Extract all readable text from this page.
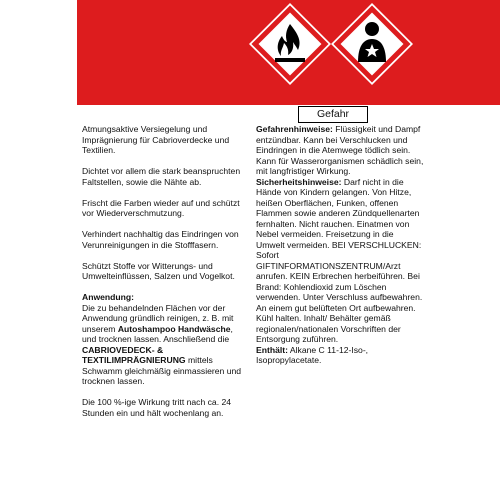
Gefahr

Atmungsaktive Versiegelung und Imprägnierung für Cabrioverdecke und Textilien.

Dichtet vor allem die stark beanspruchten Faltstellen, sowie die Nähte ab.

Frischt die Farben wieder auf und schützt vor Wiederverschmutzung.

Verhindert nachhaltig das Eindringen von Verunreinigungen in die Stofffasern.

Schützt Stoffe vor Witterungs- und Umwelteinflüssen, Salzen und Vogelkot.

Anwendung:

Die zu behandelnden Flächen vor der Anwendung gründlich reinigen, z. B. mit unserem Autoshampoo Handwäsche, und trocknen lassen. Anschließend die CABRIOVEDECK- & TEXTILIMPRÄGNIERUNG mittels Schwamm gleichmäßig einmassieren und trocknen lassen.

Die 100 %-ige Wirkung tritt nach ca. 24 Stunden ein und hält wochenlang an.

Gefahrenhinweise: Flüssigkeit und Dampf entzündbar. Kann bei Verschlucken und Eindringen in die Atemwege tödlich sein. Kann für Wasserorganismen schädlich sein, mit langfristiger Wirkung.

Sicherheitshinweise: Darf nicht in die Hände von Kindern gelangen. Von Hitze, heißen Oberflächen, Funken, offenen Flammen sowie anderen Zündquellenarten fernhalten. Nicht rauchen. Einatmen von Nebel vermeiden. Freisetzung in die Umwelt vermeiden. BEI VERSCHLUCKEN: Sofort GIFTINFORMATIONSZENTRUM/Arzt anrufen. KEIN Erbrechen herbeiführen. Bei Brand: Kohlendioxid zum Löschen verwenden. Unter Verschluss aufbewahren. An einem gut belüfteten Ort aufbewahren. Kühl halten. Inhalt/ Behälter gemäß regionalen/nationalen Vorschriften der Entsorgung zuführen.

Enthält: Alkane C 11-12-Iso-, Isopropylacetate.
